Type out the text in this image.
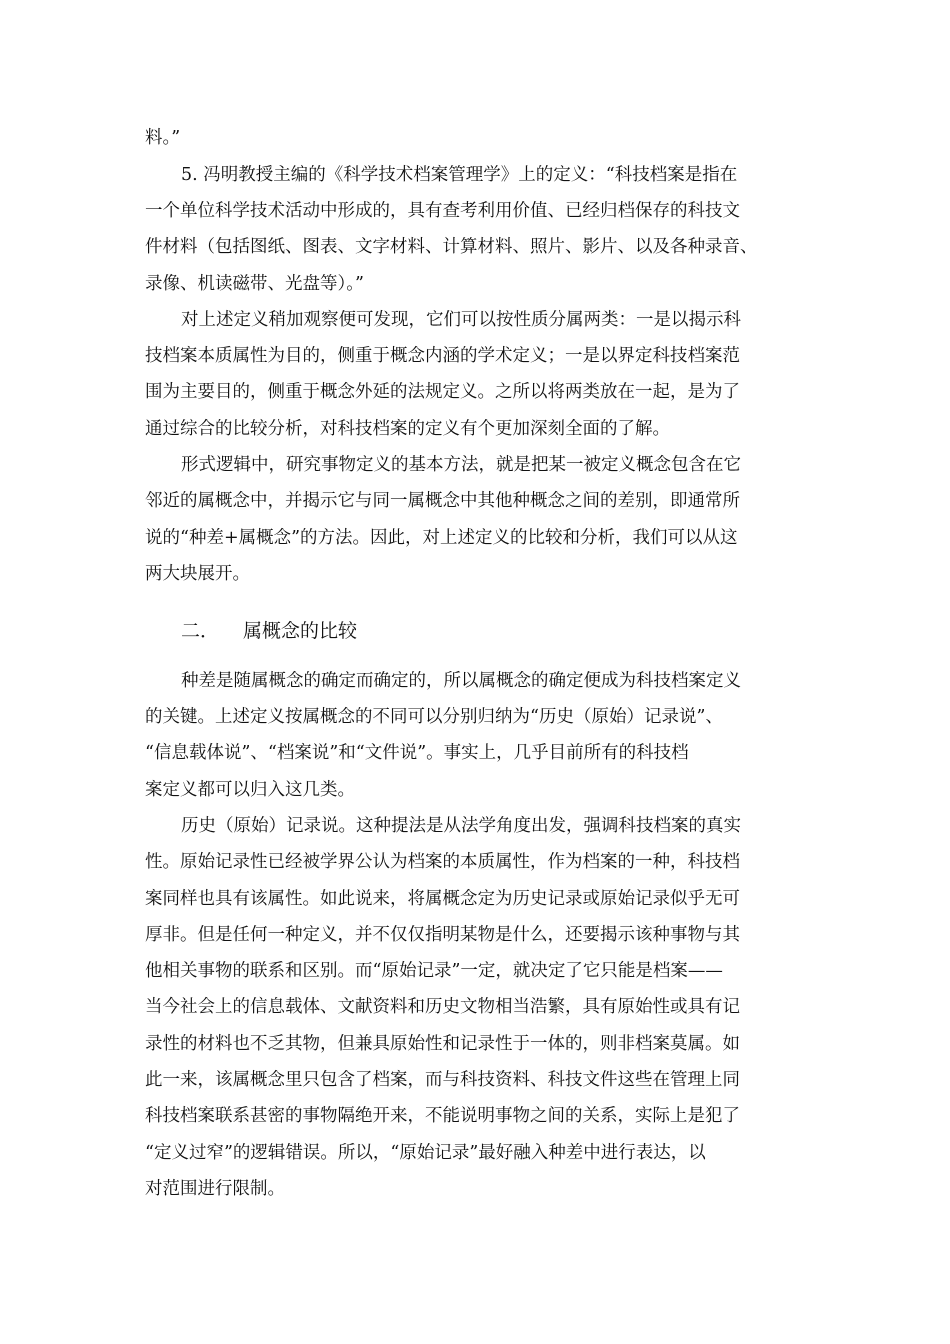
料。”
5. 冯明教授主编的《科学技术档案管理学》上的定义：“科技档案是指在
一个单位科学技术活动中形成的，具有查考利用价值、已经归档保存的科技文
件材料（包括图纸、图表、文字材料、计算材料、照片、影片、以及各种录音、
录像、机读磁带、光盘等）。”
对上述定义稍加观察便可发现，它们可以按性质分属两类：一是以揭示科
技档案本质属性为目的，侧重于概念内涵的学术定义；一是以界定科技档案范
围为主要目的，侧重于概念外延的法规定义。之所以将两类放在一起，是为了
通过综合的比较分析，对科技档案的定义有个更加深刻全面的了解。
形式逻辑中，研究事物定义的基本方法，就是把某一被定义概念包含在它
邻近的属概念中，并揭示它与同一属概念中其他种概念之间的差别，即通常所
说的“种差+属概念”的方法。因此，对上述定义的比较和分析，我们可以从这
两大块展开。
二． 属概念的比较
种差是随属概念的确定而确定的，所以属概念的确定便成为科技档案定义
的关键。上述定义按属概念的不同可以分别归纳为“历史（原始）记录说”、
“信息载体说”、“档案说”和“文件说”。事实上，几乎目前所有的科技档
案定义都可以归入这几类。
历史（原始）记录说。这种提法是从法学角度出发，强调科技档案的真实
性。原始记录性已经被学界公认为档案的本质属性，作为档案的一种，科技档
案同样也具有该属性。如此说来，将属概念定为历史记录或原始记录似乎无可
厚非。但是任何一种定义，并不仅仅指明某物是什么，还要揭示该种事物与其
他相关事物的联系和区别。而“原始记录”一定，就决定了它只能是档案——
当今社会上的信息载体、文献资料和历史文物相当浩繁，具有原始性或具有记
录性的材料也不乏其物，但兼具原始性和记录性于一体的，则非档案莫属。如
此一来，该属概念里只包含了档案，而与科技资料、科技文件这些在管理上同
科技档案联系甚密的事物隔绝开来，不能说明事物之间的关系，实际上是犯了
“定义过窄”的逻辑错误。所以，“原始记录”最好融入种差中进行表达，以
对范围进行限制。
